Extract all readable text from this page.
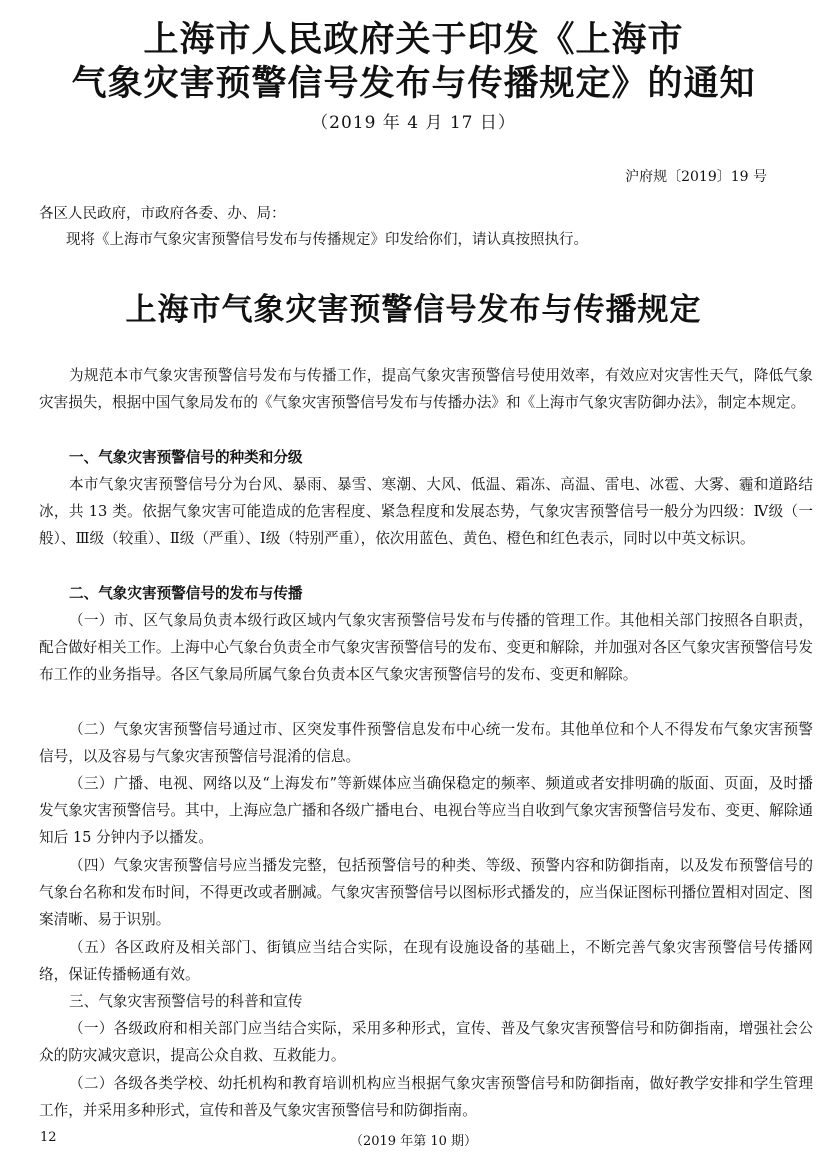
上海市人民政府关于印发《上海市
气象灾害预警信号发布与传播规定》的通知
（2019 年 4 月 17 日）
沪府规〔2019〕19 号
各区人民政府，市政府各委、办、局：
现将《上海市气象灾害预警信号发布与传播规定》印发给你们，请认真按照执行。
上海市气象灾害预警信号发布与传播规定

为规范本市气象灾害预警信号发布与传播工作，提高气象灾害预警信号使用效率，有效应对灾害性天气，降低气象灾害损失，根据中国气象局发布的《气象灾害预警信号发布与传播办法》和《上海市气象灾害防御办法》，制定本规定。

一、气象灾害预警信号的种类和分级

本市气象灾害预警信号分为台风、暴雨、暴雪、寒潮、大风、低温、霜冻、高温、雷电、冰雹、大雾、霾和道路结冰，共 13 类。依据气象灾害可能造成的危害程度、紧急程度和发展态势，气象灾害预警信号一般分为四级：Ⅳ级（一般）、Ⅲ级（较重）、Ⅱ级（严重）、Ⅰ级（特别严重），依次用蓝色、黄色、橙色和红色表示，同时以中英文标识。

二、气象灾害预警信号的发布与传播

（一）市、区气象局负责本级行政区域内气象灾害预警信号发布与传播的管理工作。其他相关部门按照各自职责，配合做好相关工作。上海中心气象台负责全市气象灾害预警信号的发布、变更和解除，并加强对各区气象灾害预警信号发布工作的业务指导。各区气象局所属气象台负责本区气象灾害预警信号的发布、变更和解除。

（二）气象灾害预警信号通过市、区突发事件预警信息发布中心统一发布。其他单位和个人不得发布气象灾害预警信号，以及容易与气象灾害预警信号混淆的信息。

（三）广播、电视、网络以及“上海发布”等新媒体应当确保稳定的频率、频道或者安排明确的版面、页面，及时播发气象灾害预警信号。其中，上海应急广播和各级广播电台、电视台等应当自收到气象灾害预警信号发布、变更、解除通知后 15 分钟内予以播发。

（四）气象灾害预警信号应当播发完整，包括预警信号的种类、等级、预警内容和防御指南，以及发布预警信号的气象台名称和发布时间，不得更改或者删减。气象灾害预警信号以图标形式播发的，应当保证图标刊播位置相对固定、图案清晰、易于识别。

（五）各区政府及相关部门、街镇应当结合实际，在现有设施设备的基础上，不断完善气象灾害预警信号传播网络，保证传播畅通有效。

三、气象灾害预警信号的科普和宣传

（一）各级政府和相关部门应当结合实际，采用多种形式，宣传、普及气象灾害预警信号和防御指南，增强社会公众的防灾减灾意识，提高公众自救、互救能力。

（二）各级各类学校、幼托机构和教育培训机构应当根据气象灾害预警信号和防御指南，做好教学安排和学生管理工作，并采用多种形式，宣传和普及气象灾害预警信号和防御指南。

12	（2019 年第 10 期）
